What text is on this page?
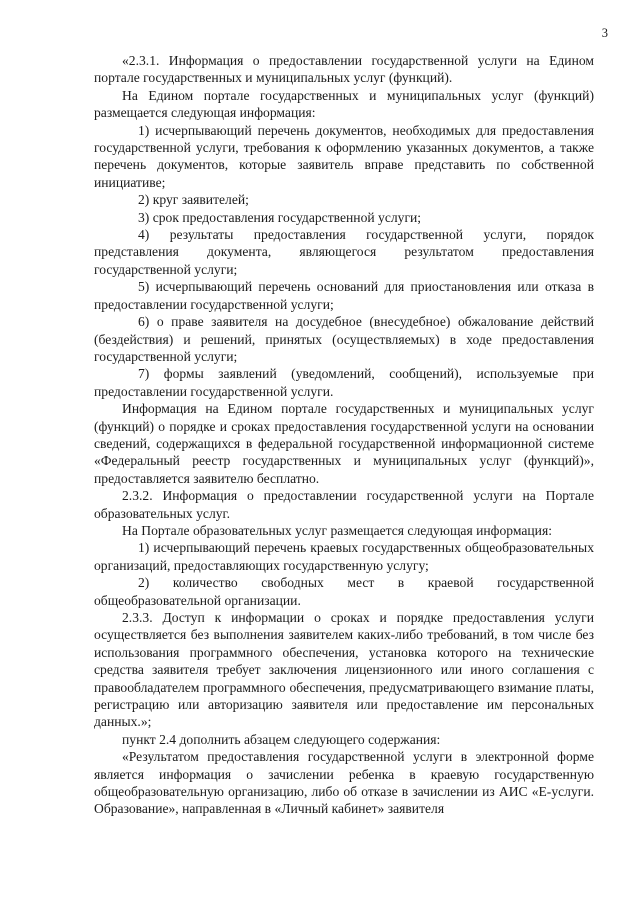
3

«2.3.1. Информация о предоставлении государственной услуги на Едином портале государственных и муниципальных услуг (функций).

На Едином портале государственных и муниципальных услуг (функций) размещается следующая информация:

1) исчерпывающий перечень документов, необходимых для предоставления государственной услуги, требования к оформлению указанных документов, а также перечень документов, которые заявитель вправе представить по собственной инициативе;

2) круг заявителей;

3) срок предоставления государственной услуги;

4) результаты предоставления государственной услуги, порядок представления документа, являющегося результатом предоставления государственной услуги;

5) исчерпывающий перечень оснований для приостановления или отказа в предоставлении государственной услуги;

6) о праве заявителя на досудебное (внесудебное) обжалование действий (бездействия) и решений, принятых (осуществляемых) в ходе предоставления государственной услуги;

7) формы заявлений (уведомлений, сообщений), используемые при предоставлении государственной услуги.

Информация на Едином портале государственных и муниципальных услуг (функций) о порядке и сроках предоставления государственной услуги на основании сведений, содержащихся в федеральной государственной информационной системе «Федеральный реестр государственных и муниципальных услуг (функций)», предоставляется заявителю бесплатно.

2.3.2. Информация о предоставлении государственной услуги на Портале образовательных услуг.

На Портале образовательных услуг размещается следующая информация:

1) исчерпывающий перечень краевых государственных общеобразовательных организаций, предоставляющих государственную услугу;

2) количество свободных мест в краевой государственной общеобразовательной организации.

2.3.3. Доступ к информации о сроках и порядке предоставления услуги осуществляется без выполнения заявителем каких-либо требований, в том числе без использования программного обеспечения, установка которого на технические средства заявителя требует заключения лицензионного или иного соглашения с правообладателем программного обеспечения, предусматривающего взимание платы, регистрацию или авторизацию заявителя или предоставление им персональных данных.»;

пункт 2.4 дополнить абзацем следующего содержания:

«Результатом предоставления государственной услуги в электронной форме является информация о зачислении ребенка в краевую государственную общеобразовательную организацию, либо об отказе в зачислении из АИС «Е-услуги. Образование», направленная в «Личный кабинет» заявителя
